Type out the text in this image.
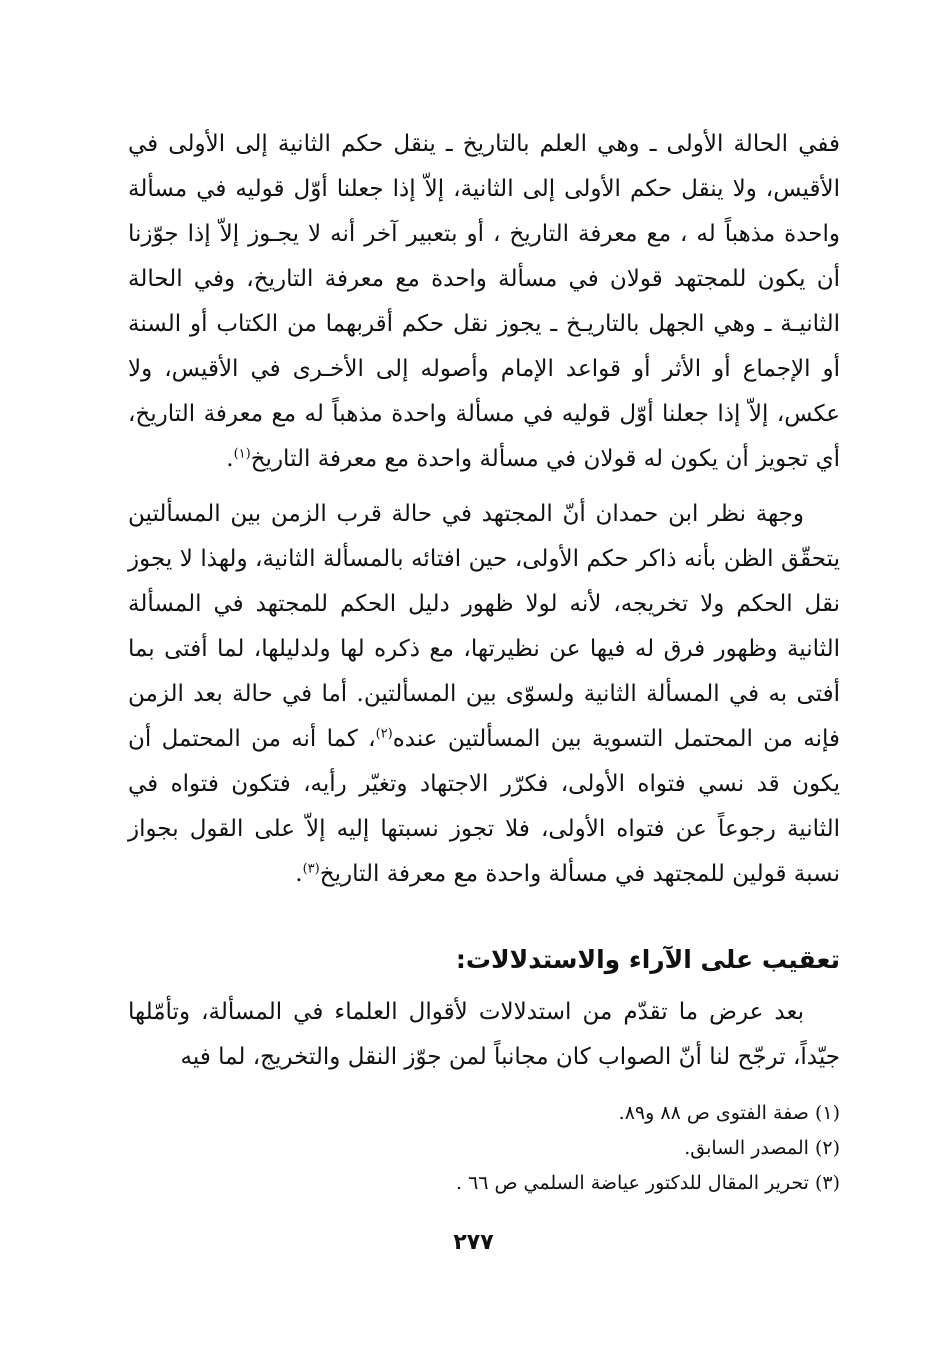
ففي الحالة الأولى ـ وهي العلم بالتاريخ ـ ينقل حكم الثانية إلى الأولى في الأقيس، ولا ينقل حكم الأولى إلى الثانية، إلاّ إذا جعلنا أوّل قوليه في مسألة واحدة مذهباً له ، مع معرفة التاريخ ، أو بتعبير آخر أنه لا يجـوز إلاّ إذا جوّزنا أن يكون للمجتهد قولان في مسألة واحدة مع معرفة التاريخ، وفي الحالة الثانيـة ـ وهي الجهل بالتاريـخ ـ يجوز نقل حكم أقربهما من الكتاب أو السنة أو الإجماع أو الأثر أو قواعد الإمام وأصوله إلى الأخـرى في الأقيس، ولا عكس، إلاّ إذا جعلنا أوّل قوليه في مسألة واحدة مذهباً له مع معرفة التاريخ، أي تجويز أن يكون له قولان في مسألة واحدة مع معرفة التاريخ$^{(١)}$.

وجهة نظر ابن حمدان أنّ المجتهد في حالة قرب الزمن بين المسألتين يتحقّق الظن بأنه ذاكر حكم الأولى، حين افتائه بالمسألة الثانية، ولهذا لا يجوز نقل الحكم ولا تخريجه، لأنه لولا ظهور دليل الحكم للمجتهد في المسألة الثانية وظهور فرق له فيها عن نظيرتها، مع ذكره لها ولدليلها، لما أفتى بما أفتى به في المسألة الثانية ولسوّى بين المسألتين. أما في حالة بعد الزمن فإنه من المحتمل التسوية بين المسألتين عنده$^{(٢)}$، كما أنه من المحتمل أن يكون قد نسي فتواه الأولى، فكرّر الاجتهاد وتغيّر رأيه، فتكون فتواه في الثانية رجوعاً عن فتواه الأولى، فلا تجوز نسبتها إليه إلاّ على القول بجواز نسبة قولين للمجتهد في مسألة واحدة مع معرفة التاريخ$^{(٣)}$.

تعقيب على الآراء والاستدلالات:

بعد عرض ما تقدّم من استدلالات لأقوال العلماء في المسألة، وتأمّلها جيّداً، ترجّح لنا أنّ الصواب كان مجانباً لمن جوّز النقل والتخريج، لما فيه

(١) صفة الفتوى ص ٨٨ و٨٩.

(٢) المصدر السابق.

(٣) تحرير المقال للدكتور عياضة السلمي ص ٦٦ .

٢٧٧
